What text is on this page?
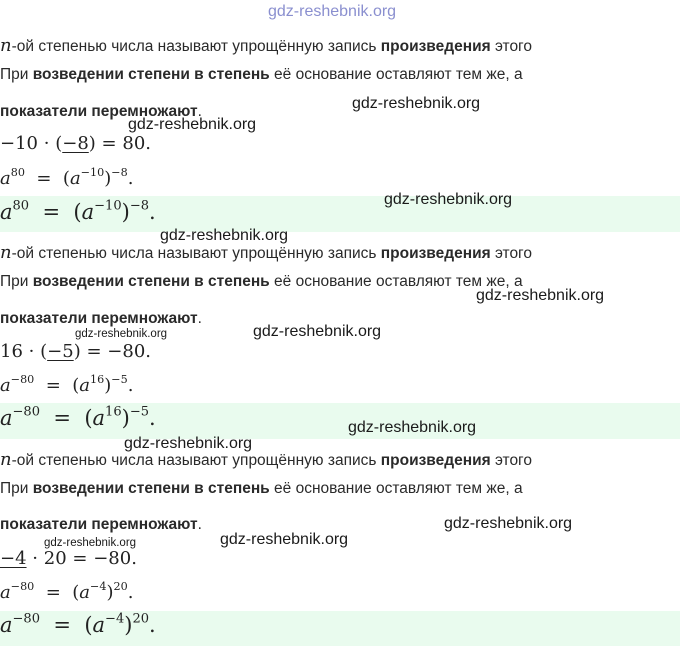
gdz-reshebnik.org
n-ой степенью числа называют упрощённую запись произведения этого
При возведении степени в степень её основание оставляют тем же, а
показатели перемножают.
−10 · (−8) = 80.
$a^{80} = (a^{-10})^{-8}$.
$a^{80} = (a^{-10})^{-8}$.
n-ой степенью числа называют упрощённую запись произведения этого
При возведении степени в степень её основание оставляют тем же, а
показатели перемножают.
16 · (−5) = −80.
$a^{-80} = (a^{16})^{-5}$.
$a^{-80} = (a^{16})^{-5}$.
n-ой степенью числа называют упрощённую запись произведения этого
При возведении степени в степень её основание оставляют тем же, а
показатели перемножают.
−4 · 20 = −80.
$a^{-80} = (a^{-4})^{20}$.
$a^{-80} = (a^{-4})^{20}$.
gdz-reshebnik.org
gdz-reshebnik.org
gdz-reshebnik.org
gdz-reshebnik.org
gdz-reshebnik.org
gdz-reshebnik.org	gdz-reshebnik.org
gdz-reshebnik.org
gdz-reshebnik.org
gdz-reshebnik.org
gdz-reshebnik.org
gdz-reshebnik.org
